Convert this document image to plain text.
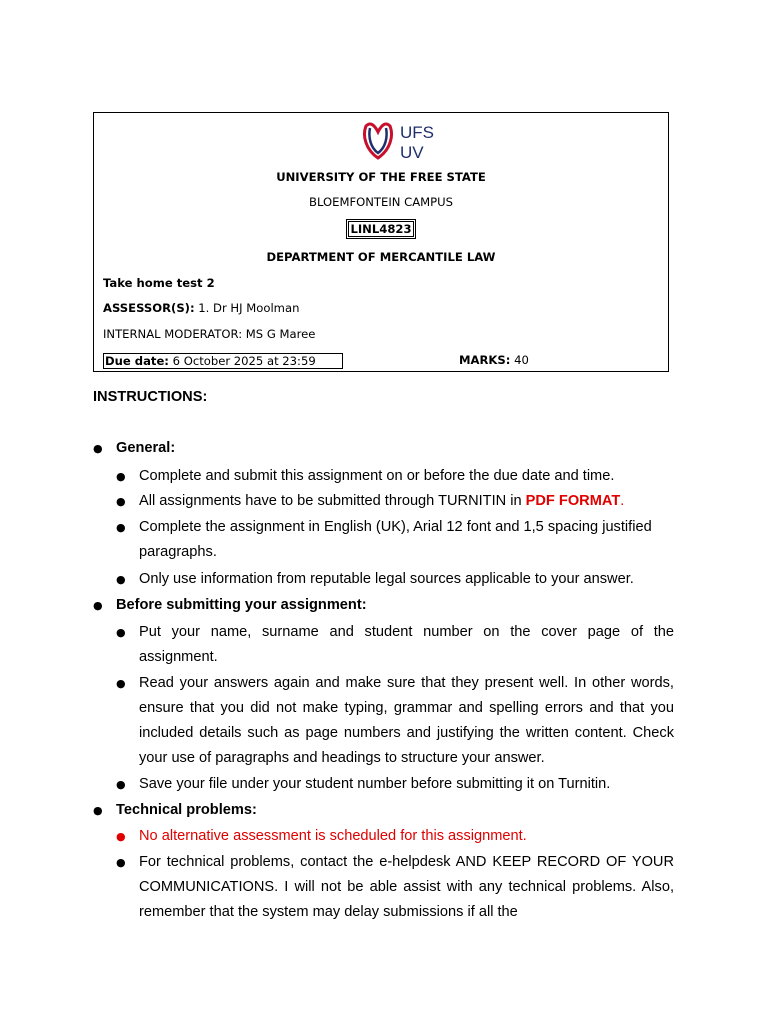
UFS
UV
UNIVERSITY OF THE FREE STATE
BLOEMFONTEIN CAMPUS
LINL4823
DEPARTMENT OF MERCANTILE LAW
Take home test 2
ASSESSOR(S): 1. Dr HJ Moolman
INTERNAL MODERATOR: MS G Maree
Due date: 6 October 2025 at 23:59	MARKS: 40
INSTRUCTIONS:
● General:
● Complete and submit this assignment on or before the due date and time.
● All assignments have to be submitted through TURNITIN in PDF FORMAT.
● Complete the assignment in English (UK), Arial 12 font and 1,5 spacing justified paragraphs.
● Only use information from reputable legal sources applicable to your answer.
● Before submitting your assignment:
● Put your name, surname and student number on the cover page of the assignment.
● Read your answers again and make sure that they present well. In other words, ensure that you did not make typing, grammar and spelling errors and that you included details such as page numbers and justifying the written content. Check your use of paragraphs and headings to structure your answer.
● Save your file under your student number before submitting it on Turnitin.
● Technical problems:
● No alternative assessment is scheduled for this assignment.
● For technical problems, contact the e-helpdesk AND KEEP RECORD OF YOUR COMMUNICATIONS. I will not be able assist with any technical problems. Also, remember that the system may delay submissions if all the
